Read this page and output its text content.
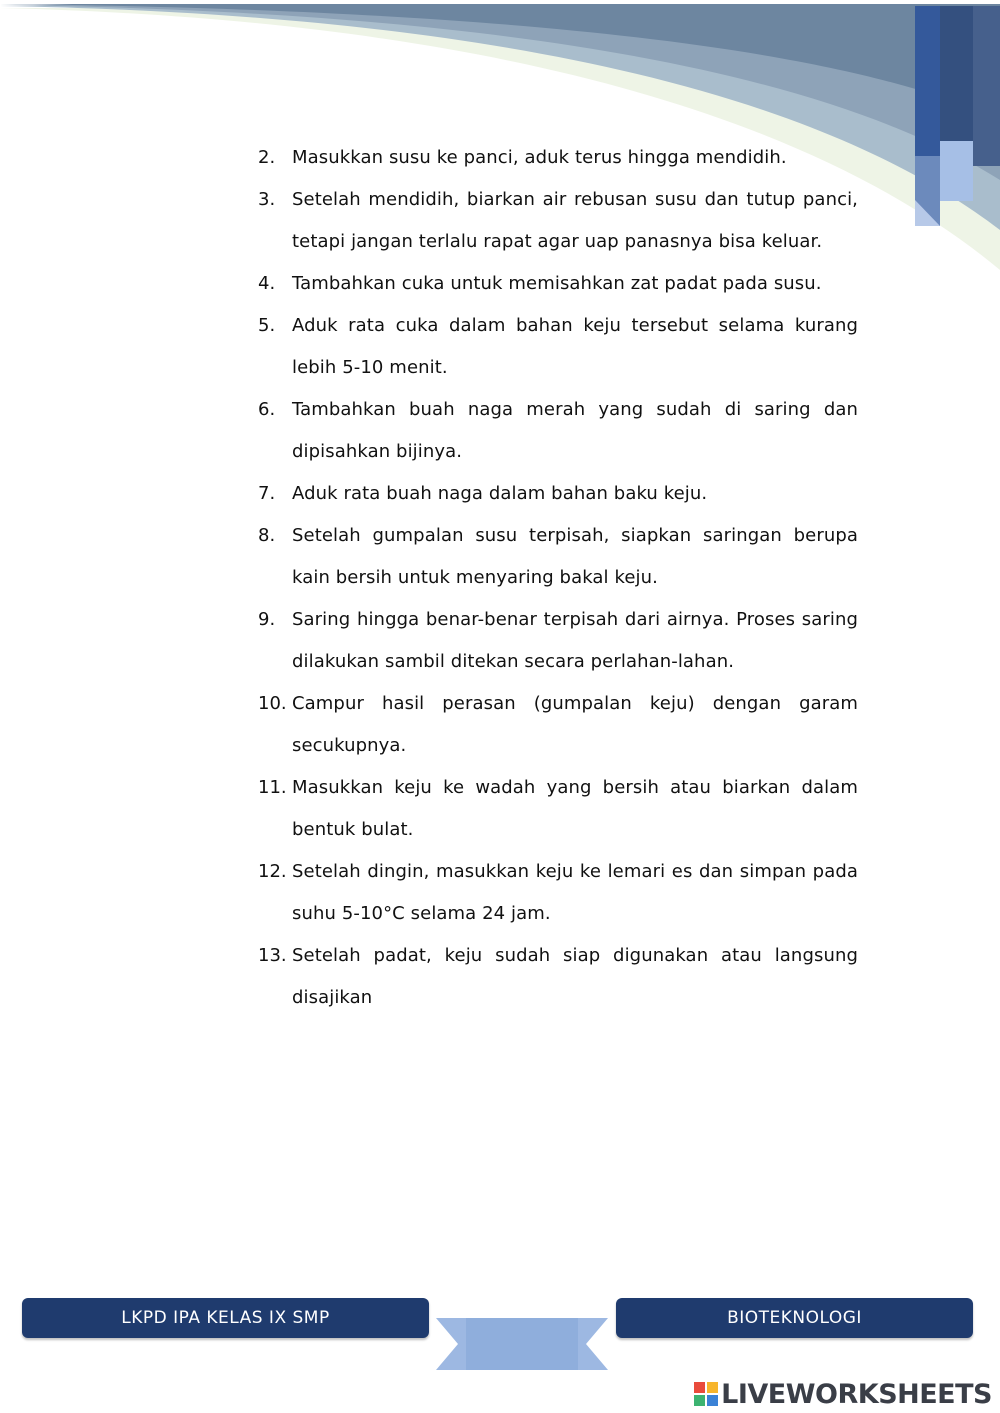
2. Masukkan susu ke panci, aduk terus hingga mendidih.
3. Setelah mendidih, biarkan air rebusan susu dan tutup panci, tetapi jangan terlalu rapat agar uap panasnya bisa keluar.
4. Tambahkan cuka untuk memisahkan zat padat pada susu.
5. Aduk rata cuka dalam bahan keju tersebut selama kurang lebih 5-10 menit.
6. Tambahkan buah naga merah yang sudah di saring dan dipisahkan bijinya.
7. Aduk rata buah naga dalam bahan baku keju.
8. Setelah gumpalan susu terpisah, siapkan saringan berupa kain bersih untuk menyaring bakal keju.
9. Saring hingga benar-benar terpisah dari airnya. Proses saring dilakukan sambil ditekan secara perlahan-lahan.
10. Campur hasil perasan (gumpalan keju) dengan garam secukupnya.
11. Masukkan keju ke wadah yang bersih atau biarkan dalam bentuk bulat.
12. Setelah dingin, masukkan keju ke lemari es dan simpan pada suhu 5-10°C selama 24 jam.
13. Setelah padat, keju sudah siap digunakan atau langsung disajikan
LKPD IPA KELAS IX SMP	BIOTEKNOLOGI
LIVEWORKSHEETS
